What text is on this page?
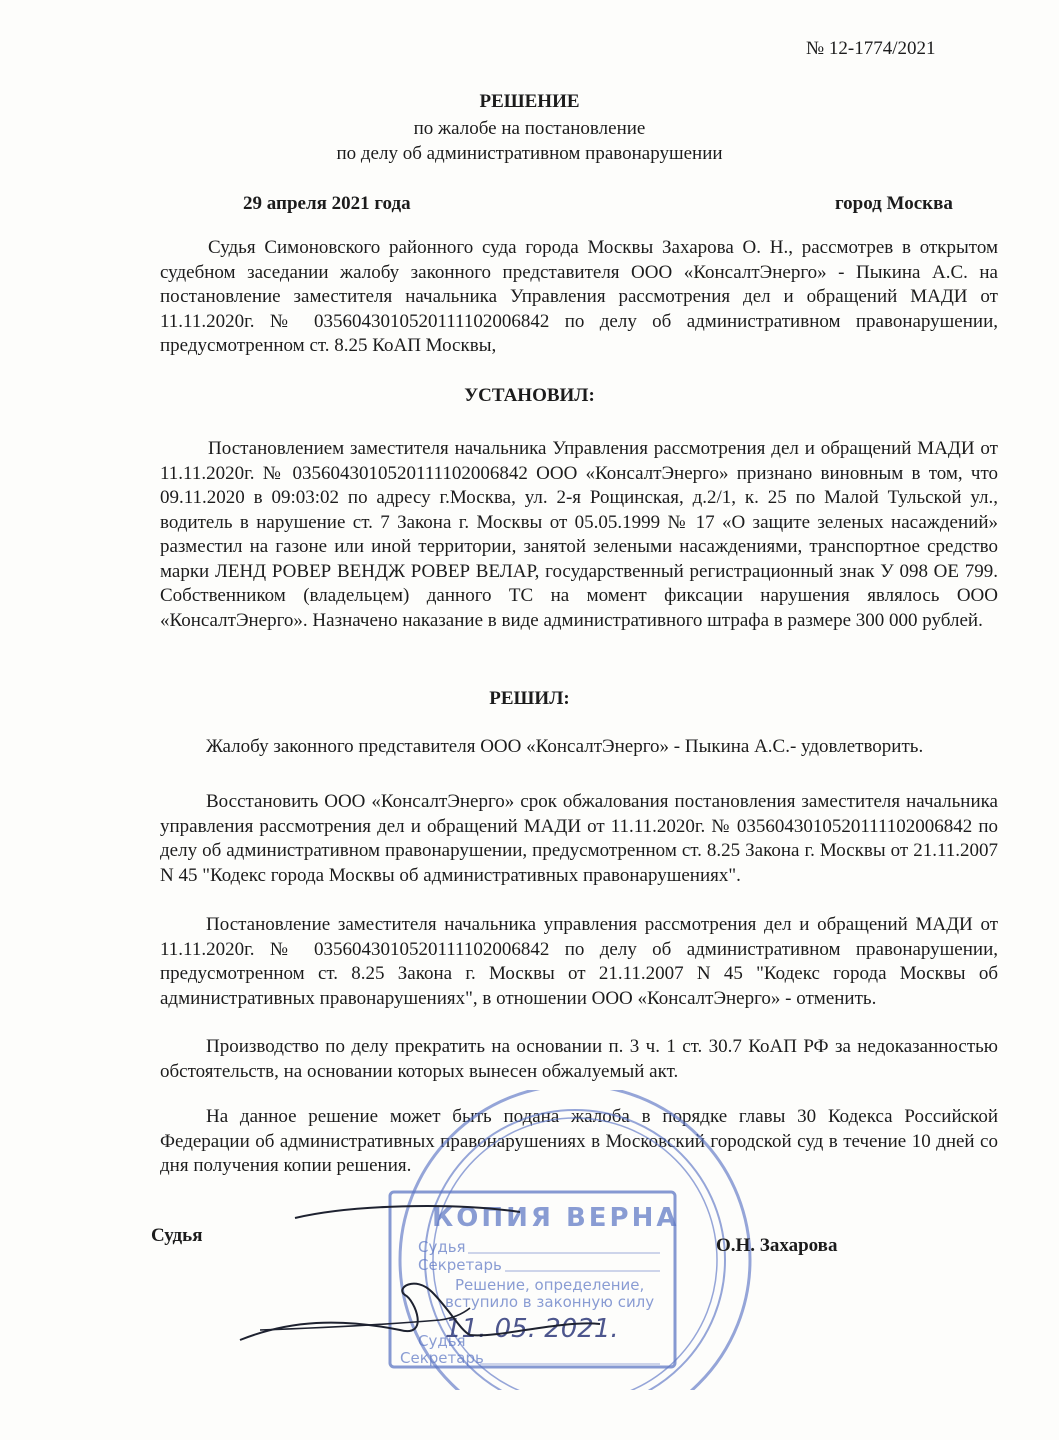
№ 12-1774/2021
РЕШЕНИЕ
по жалобе на постановление
по делу об административном правонарушении
29 апреля 2021 года	город Москва
Судья Симоновского районного суда города Москвы Захарова О. Н., рассмотрев в открытом судебном заседании жалобу законного представителя ООО «КонсалтЭнерго» - Пыкина А.С. на постановление заместителя начальника Управления рассмотрения дел и обращений МАДИ от 11.11.2020г. № 0356043010520111102006842 по делу об административном правонарушении, предусмотренном ст. 8.25 КоАП Москвы,
УСТАНОВИЛ:
Постановлением заместителя начальника Управления рассмотрения дел и обращений МАДИ от 11.11.2020г. № 0356043010520111102006842 ООО «КонсалтЭнерго» признано виновным в том, что 09.11.2020 в 09:03:02 по адресу г.Москва, ул. 2-я Рощинская, д.2/1, к. 25 по Малой Тульской ул., водитель в нарушение ст. 7 Закона г. Москвы от 05.05.1999 № 17 «О защите зеленых насаждений» разместил на газоне или иной территории, занятой зелеными насаждениями, транспортное средство марки ЛЕНД РОВЕР ВЕНДЖ РОВЕР ВЕЛАР, государственный регистрационный знак У 098 ОЕ 799. Собственником (владельцем) данного ТС на момент фиксации нарушения являлось ООО «КонсалтЭнерго». Назначено наказание в виде административного штрафа в размере 300 000 рублей.
РЕШИЛ:
Жалобу законного представителя ООО «КонсалтЭнерго» - Пыкина А.С.- удовлетворить.
Восстановить ООО «КонсалтЭнерго» срок обжалования постановления заместителя начальника управления рассмотрения дел и обращений МАДИ от 11.11.2020г. № 0356043010520111102006842 по делу об административном правонарушении, предусмотренном ст. 8.25 Закона г. Москвы от 21.11.2007 N 45 "Кодекс города Москвы об административных правонарушениях".
Постановление заместителя начальника управления рассмотрения дел и обращений МАДИ от 11.11.2020г. № 0356043010520111102006842 по делу об административном правонарушении, предусмотренном ст. 8.25 Закона г. Москвы от 21.11.2007 N 45 "Кодекс города Москвы об административных правонарушениях", в отношении ООО «КонсалтЭнерго» - отменить.
Производство по делу прекратить на основании п. 3 ч. 1 ст. 30.7 КоАП РФ за недоказанностью обстоятельств, на основании которых вынесен обжалуемый акт.
На данное решение может быть подана жалоба в порядке главы 30 Кодекса Российской Федерации об административных правонарушениях в Московский городской суд в течение 10 дней со дня получения копии решения.
КОПИЯ ВЕРНА
Судья
Секретарь
Решение, определение,
вступило в законную силу
11. 05. 2021.
Судья
Секретарь
Судья	О.Н. Захарова
